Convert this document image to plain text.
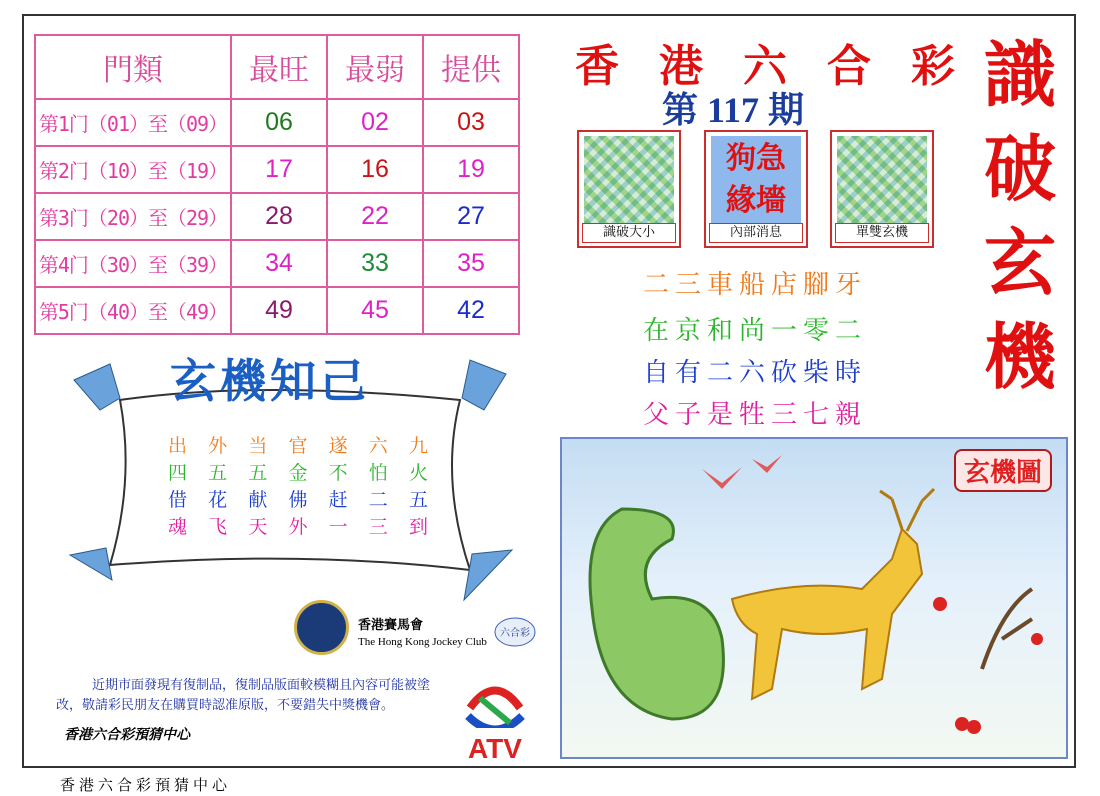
門類	最旺	最弱	提供
第1门（01）至（09）	06	02	03
第2门（10）至（19）	17	16	19
第3门（20）至（29）	28	22	27
第4门（30）至（39）	34	33	35
第5门（40）至（49）	49	45	42
香 港 六 合 彩
第 117 期 識
破
玄
機
識破大小
狗急
緣墻
內部消息	單雙玄機
二三車船店腳牙
在京和尚一零二
自有二六砍柴時
父子是牲三七親
玄機知己
出 外 当 官 遂 六 九
四 五 五 金 不 怕 火
借 花 献 佛 赶 二 五
魂 飞 天 外 一 三 到
玄機圖
香港賽馬會
The Hong Kong Jockey Club
六合彩
近期市面發現有復制品，復制品版面較模糊且內容可能被塗改，敬請彩民朋友在購買時認准原版，不要錯失中獎機會。
香港六合彩預猜中心	ATV
香港六合彩預猜中心
